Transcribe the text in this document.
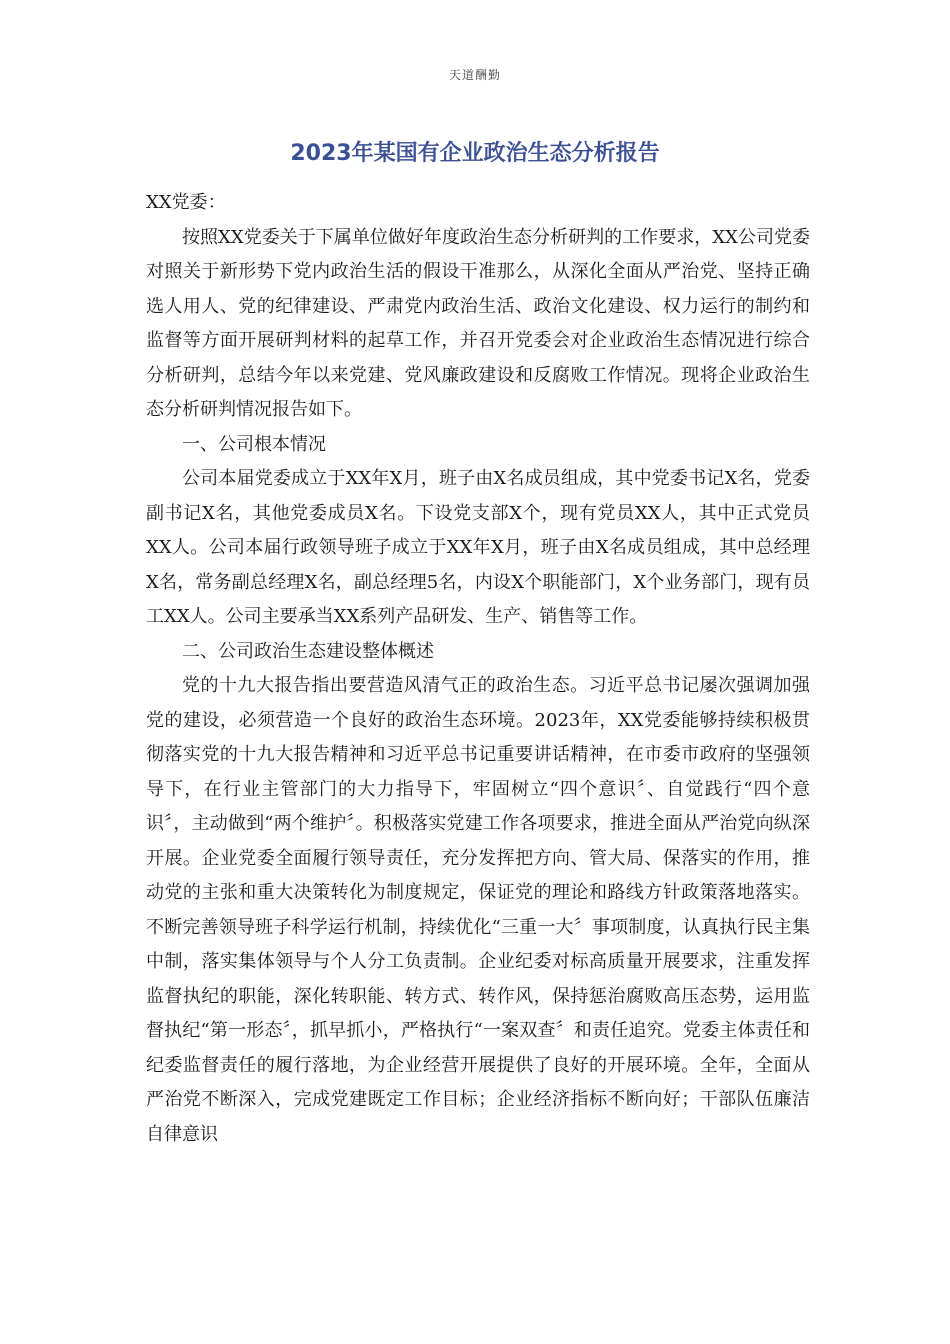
天道酬勤
2023年某国有企业政治生态分析报告

XX党委：

按照XX党委关于下属单位做好年度政治生态分析研判的工作要求，XX公司党委对照关于新形势下党内政治生活的假设干准那么，从深化全面从严治党、坚持正确选人用人、党的纪律建设、严肃党内政治生活、政治文化建设、权力运行的制约和监督等方面开展研判材料的起草工作，并召开党委会对企业政治生态情况进行综合分析研判，总结今年以来党建、党风廉政建设和反腐败工作情况。现将企业政治生态分析研判情况报告如下。

一、公司根本情况

公司本届党委成立于XX年X月，班子由X名成员组成，其中党委书记X名，党委副书记X名，其他党委成员X名。下设党支部X个，现有党员XX人，其中正式党员XX人。公司本届行政领导班子成立于XX年X月，班子由X名成员组成，其中总经理X名，常务副总经理X名，副总经理5名，内设X个职能部门，X个业务部门，现有员工XX人。公司主要承当XX系列产品研发、生产、销售等工作。

二、公司政治生态建设整体概述

党的十九大报告指出要营造风清气正的政治生态。习近平总书记屡次强调加强党的建设，必须营造一个良好的政治生态环境。2023年，XX党委能够持续积极贯彻落实党的十九大报告精神和习近平总书记重要讲话精神，在市委市政府的坚强领导下，在行业主管部门的大力指导下，牢固树立“四个意识〞、自觉践行“四个意识〞，主动做到“两个维护〞。积极落实党建工作各项要求，推进全面从严治党向纵深开展。企业党委全面履行领导责任，充分发挥把方向、管大局、保落实的作用，推动党的主张和重大决策转化为制度规定，保证党的理论和路线方针政策落地落实。不断完善领导班子科学运行机制，持续优化“三重一大〞事项制度，认真执行民主集中制，落实集体领导与个人分工负责制。企业纪委对标高质量开展要求，注重发挥监督执纪的职能，深化转职能、转方式、转作风，保持惩治腐败高压态势，运用监督执纪“第一形态〞，抓早抓小，严格执行“一案双查〞和责任追究。党委主体责任和纪委监督责任的履行落地，为企业经营开展提供了良好的开展环境。全年，全面从严治党不断深入，完成党建既定工作目标；企业经济指标不断向好；干部队伍廉洁自律意识
